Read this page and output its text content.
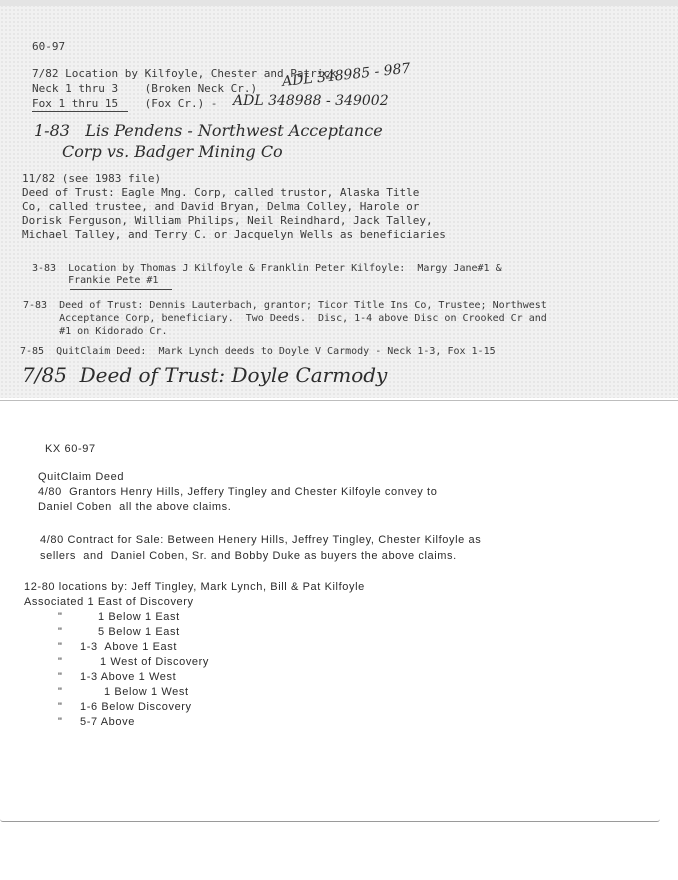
60-97
7/82 Location by Kilfoyle, Chester and Patrick
Neck 1 thru 3    (Broken Neck Cr.)
Fox 1 thru 15    (Fox Cr.) -
ADL 348985 - 987
ADL 348988 - 349002
1-83   Lis Pendens - Northwest Acceptance
Corp vs. Badger Mining Co
11/82 (see 1983 file)
Deed of Trust: Eagle Mng. Corp, called trustor, Alaska Title
Co, called trustee, and David Bryan, Delma Colley, Harole or
Dorisk Ferguson, William Philips, Neil Reindhard, Jack Talley,
Michael Talley, and Terry C. or Jacquelyn Wells as beneficiaries
3-83  Location by Thomas J Kilfoyle & Franklin Peter Kilfoyle:  Margy Jane#1 &
Frankie Pete #1
7-83  Deed of Trust: Dennis Lauterbach, grantor; Ticor Title Ins Co, Trustee; Northwest
Acceptance Corp, beneficiary.  Two Deeds.  Disc, 1-4 above Disc on Crooked Cr and
#1 on Kidorado Cr.
7-85  QuitClaim Deed:  Mark Lynch deeds to Doyle V Carmody - Neck 1-3, Fox 1-15
7/85  Deed of Trust: Doyle Carmody
KX 60-97
QuitClaim Deed
4/80  Grantors Henry Hills, Jeffery Tingley and Chester Kilfoyle convey to
Daniel Coben  all the above claims.
4/80 Contract for Sale: Between Henery Hills, Jeffrey Tingley, Chester Kilfoyle as
sellers  and  Daniel Coben, Sr. and Bobby Duke as buyers the above claims.
12-80 locations by: Jeff Tingley, Mark Lynch, Bill & Pat Kilfoyle
Associated 1 East of Discovery
"	1 Below 1 East
"	5 Below 1 East
" 1-3  Above 1 East
"	1 West of Discovery
" 1-3 Above 1 West
"	1 Below 1 West
" 1-6 Below Discovery
" 5-7 Above
